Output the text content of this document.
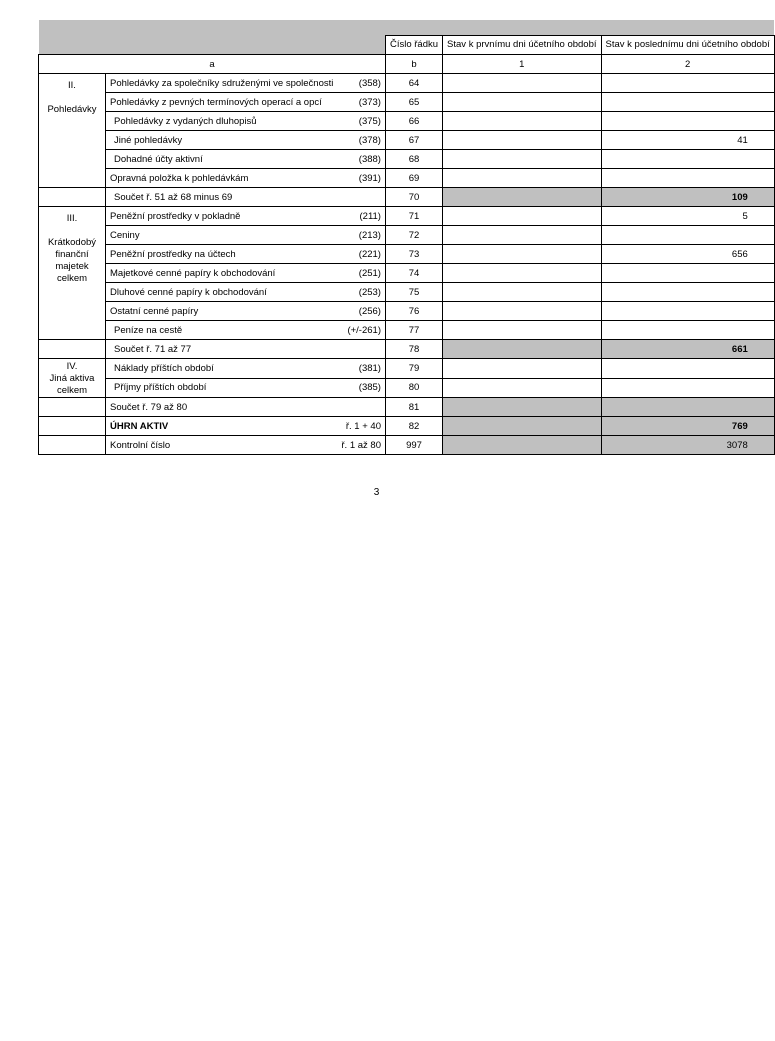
			Číslo řádku	Stav k prvnímu dni účetního období	Stav k poslednímu dni účetního období
a			b	1	2
II.

Pohledávky	Pohledávky za společníky sdruženými ve společnosti	(358)	64		
	Pohledávky z pevných termínových operací a opcí	(373)	65		
	Pohledávky z vydaných dluhopisů	(375)	66		
	Jiné pohledávky	(378)	67		41
	Dohadné účty aktivní	(388)	68		
	Opravná položka k pohledávkám	(391)	69		
	Součet ř. 51 až 68 minus 69		70		109
III.

Krátkodobý finanční majetek celkem	Peněžní prostředky v pokladně	(211)	71		5
	Ceniny	(213)	72		
	Peněžní prostředky na účtech	(221)	73		656
	Majetkové cenné papíry k obchodování	(251)	74		
	Dluhové cenné papíry k obchodování	(253)	75		
	Ostatní cenné papíry	(256)	76		
	Peníze na cestě	(+/-261)	77		
	Součet ř. 71 až 77		78		661
IV.
Jiná aktiva celkem	Náklady příštích období	(381)	79		
	Příjmy příštích období	(385)	80		
	Součet ř. 79 až 80		81		
	ÚHRN AKTIV	ř. 1 + 40	82		769
	Kontrolní číslo	ř. 1 až 80	997		3078
3
